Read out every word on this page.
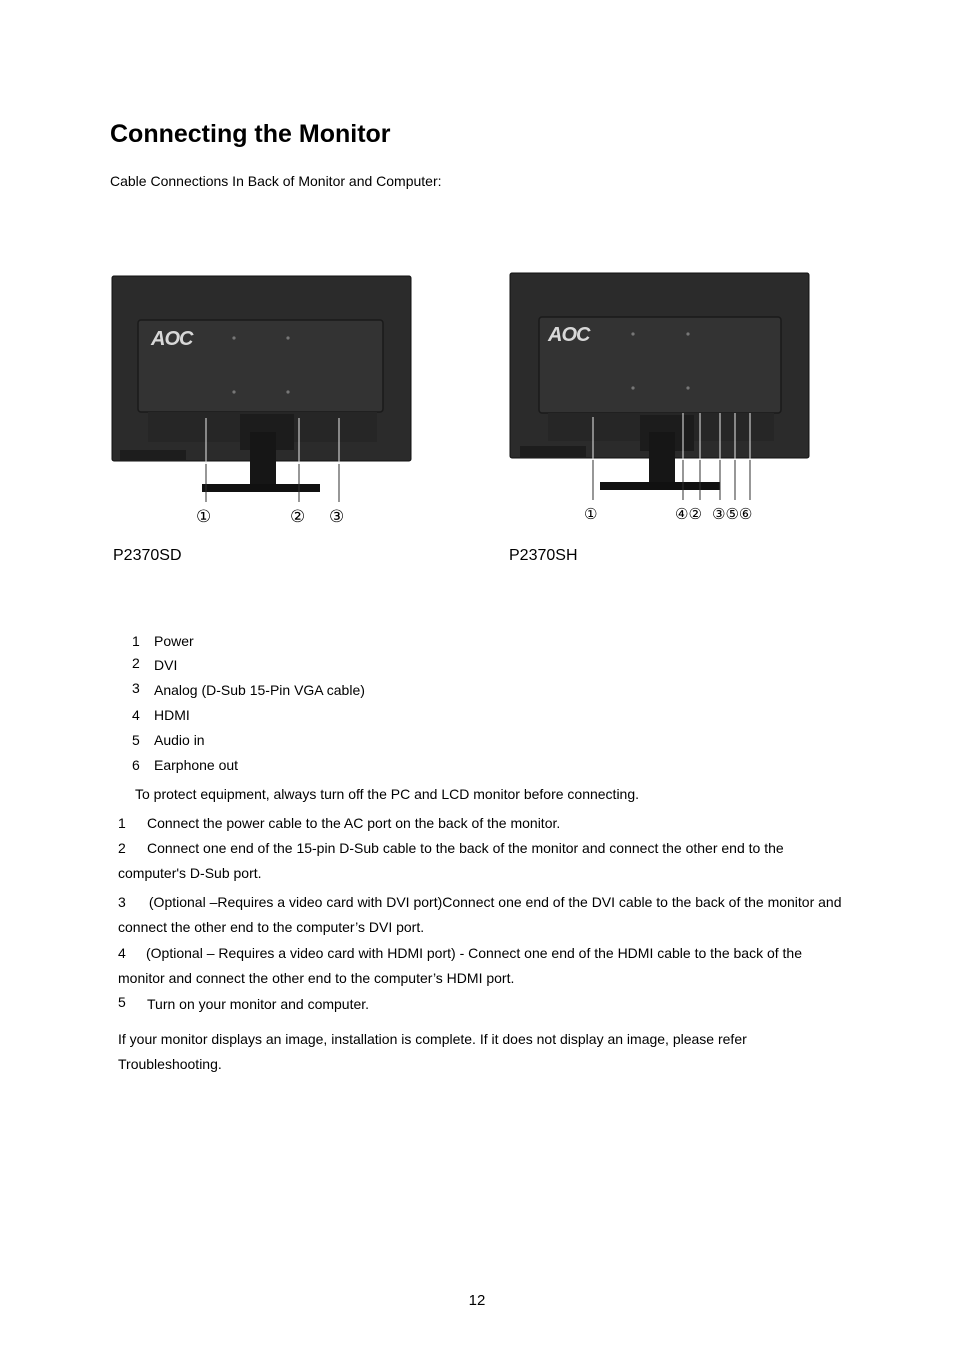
Connecting the Monitor
Cable Connections In Back of Monitor and Computer:
AOC
①	② ③
P2370SD
AOC
①	④② ③⑤⑥
P2370SH
1 Power
2 DVI
3 Analog (D-Sub 15-Pin VGA cable)
4 HDMI
5 Audio in
6 Earphone out
To protect equipment, always turn off the PC and LCD monitor before connecting.
1 Connect the power cable to the AC port on the back of the monitor.
2 Connect one end of the 15-pin D-Sub cable to the back of the monitor and connect the other end to the computer's D-Sub port.
3 (Optional –Requires a video card with DVI port)Connect one end of the DVI cable to the back of the monitor and connect the other end to the computer’s DVI port.
4 (Optional – Requires a video card with HDMI port) - Connect one end of the HDMI cable to the back of the monitor and connect the other end to the computer’s HDMI port.
5 Turn on your monitor and computer.
If your monitor displays an image, installation is complete. If it does not display an image, please refer Troubleshooting.
12
